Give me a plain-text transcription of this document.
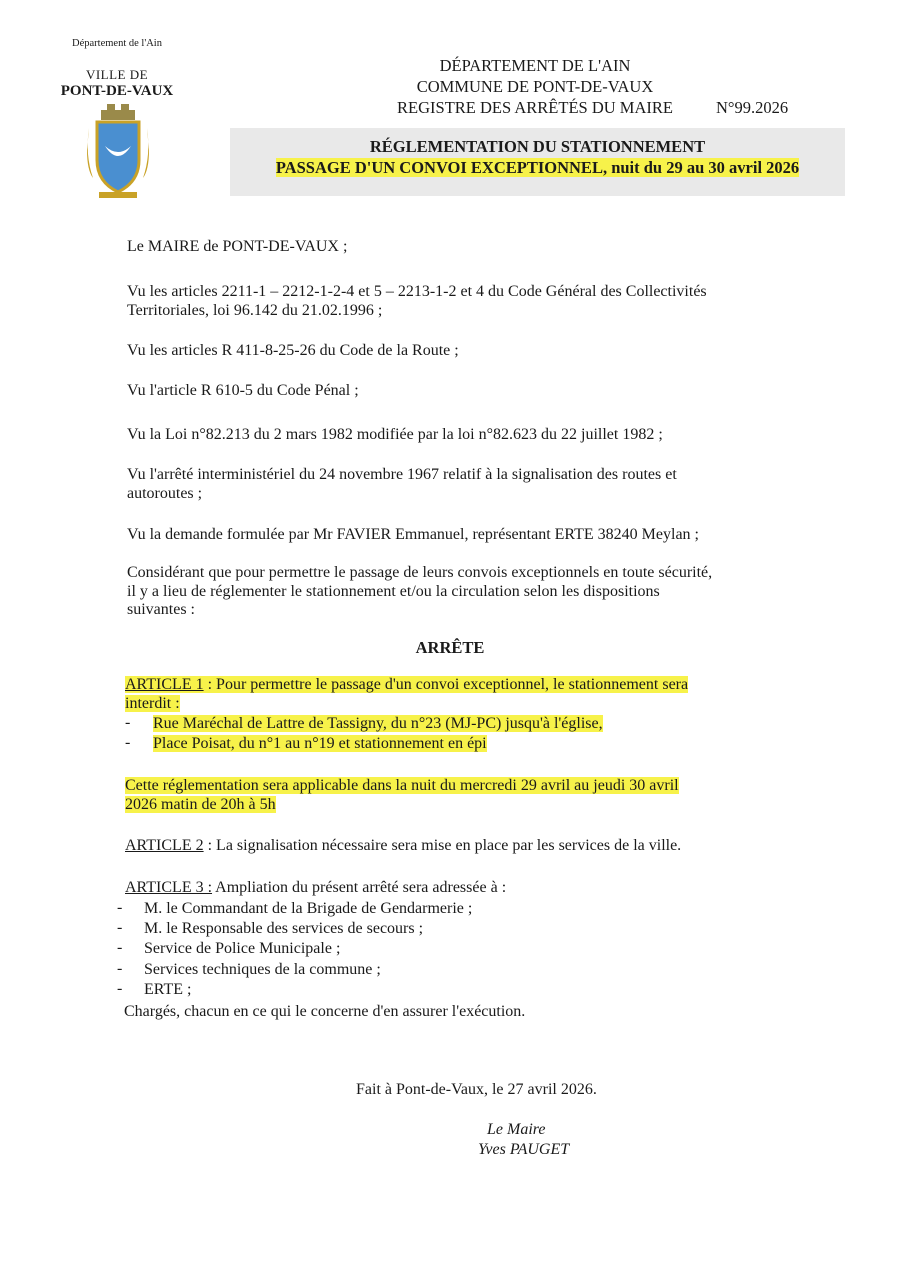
Département de l'Ain
VILLE DE
PONT-DE-VAUX
DÉPARTEMENT DE L'AIN
COMMUNE DE PONT-DE-VAUX
REGISTRE DES ARRÊTÉS DU MAIRE	N°99.2026
RÉGLEMENTATION DU STATIONNEMENT
PASSAGE D'UN CONVOI EXCEPTIONNEL, nuit du 29 au 30 avril 2026
Le MAIRE de PONT-DE-VAUX ;
Vu les articles 2211-1 – 2212-1-2-4 et 5 – 2213-1-2 et 4 du Code Général des Collectivités
Territoriales, loi 96.142 du 21.02.1996 ;
Vu les articles R 411-8-25-26 du Code de la Route ;
Vu l'article R 610-5 du Code Pénal ;
Vu la Loi n°82.213 du 2 mars 1982 modifiée par la loi n°82.623 du 22 juillet 1982 ;
Vu l'arrêté interministériel du 24 novembre 1967 relatif à la signalisation des routes et
autoroutes ;
Vu la demande formulée par Mr FAVIER Emmanuel, représentant ERTE 38240 Meylan ;
Considérant que pour permettre le passage de leurs convois exceptionnels en toute sécurité,
il y a lieu de réglementer le stationnement et/ou la circulation selon les dispositions
suivantes :
ARRÊTE
ARTICLE 1 : Pour permettre le passage d'un convoi exceptionnel, le stationnement sera
interdit :
- Rue Maréchal de Lattre de Tassigny, du n°23 (MJ-PC) jusqu'à l'église,
- Place Poisat, du n°1 au n°19 et stationnement en épi
Cette réglementation sera applicable dans la nuit du mercredi 29 avril au jeudi 30 avril
2026 matin de 20h à 5h
ARTICLE 2 : La signalisation nécessaire sera mise en place par les services de la ville.
ARTICLE 3 : Ampliation du présent arrêté sera adressée à :
- M. le Commandant de la Brigade de Gendarmerie ;
- M. le Responsable des services de secours ;
- Service de Police Municipale ;
- Services techniques de la commune ;
- ERTE ;
Chargés, chacun en ce qui le concerne d'en assurer l'exécution.
Fait à Pont-de-Vaux, le 27 avril 2026.
Le Maire
Yves PAUGET
